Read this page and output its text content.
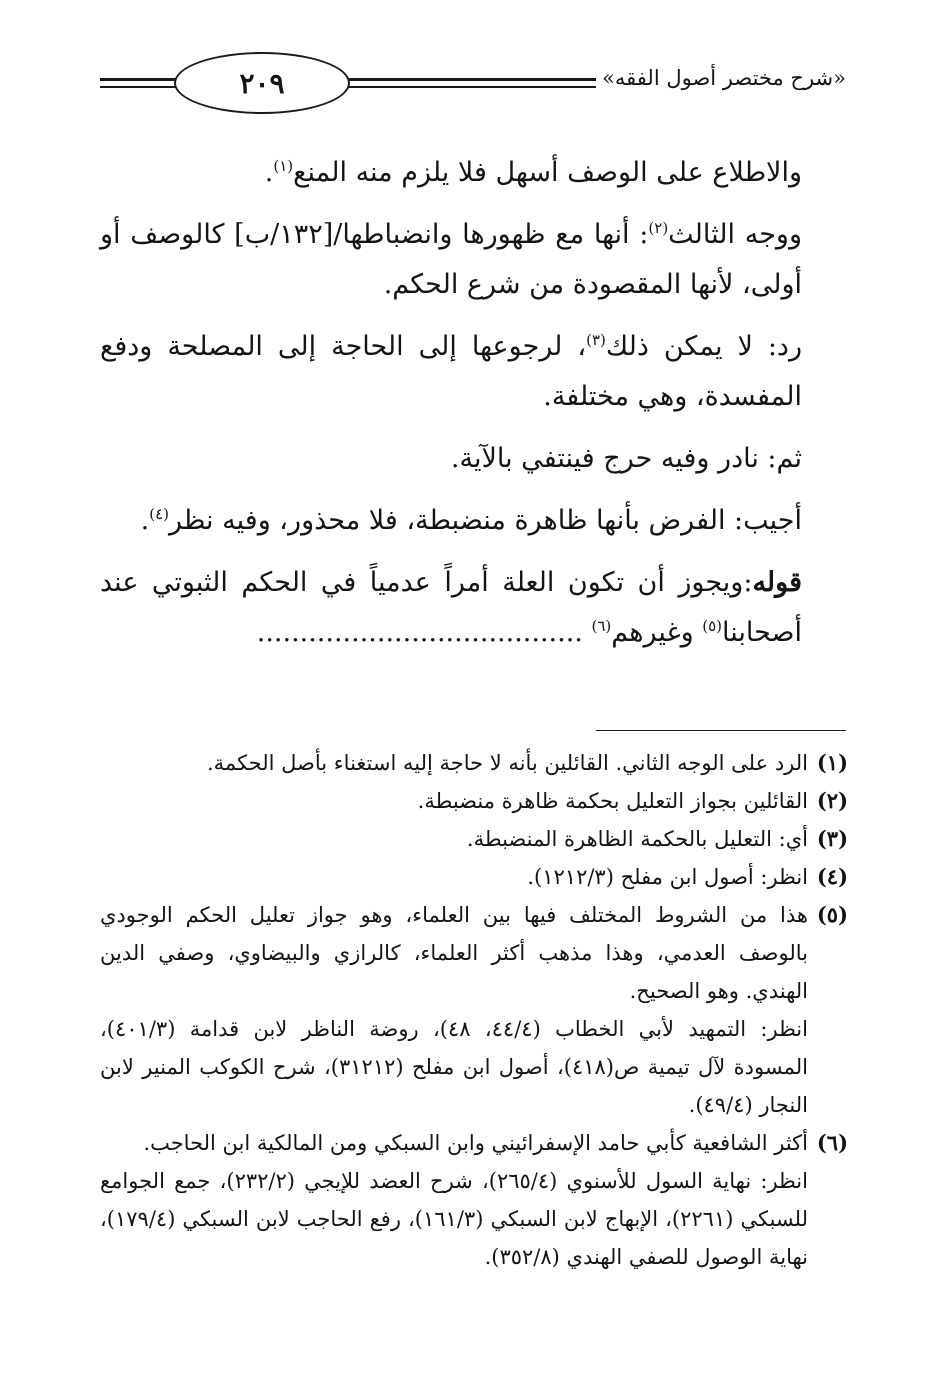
٢٠٩	«شرح مختصر أصول الفقه»

والاطلاع على الوصف أسهل فلا يلزم منه المنع$^{(١)}$.

ووجه الثالث$^{(٢)}$: أنها مع ظهورها وانضباطها/[١٣٢/ب] كالوصف أو أولى، لأنها المقصودة من شرع الحكم.

رد: لا يمكن ذلك$^{(٣)}$، لرجوعها إلى الحاجة إلى المصلحة ودفع المفسدة، وهي مختلفة.

ثم: نادر وفيه حرج فينتفي بالآية.

أجيب: الفرض بأنها ظاهرة منضبطة، فلا محذور، وفيه نظر$^{(٤)}$.

قوله:ويجوز أن تكون العلة أمراً عدمياً في الحكم الثبوتي عند أصحابنا$^{(٥)}$ وغيرهم$^{(٦)}$ ......................................

(١)
الرد على الوجه الثاني. القائلين بأنه لا حاجة إليه استغناء بأصل الحكمة.
(٢)
القائلين بجواز التعليل بحكمة ظاهرة منضبطة.
(٣)
أي: التعليل بالحكمة الظاهرة المنضبطة.
(٤)
انظر: أصول ابن مفلح (١٢١٢/٣).
(٥)
هذا من الشروط المختلف فيها بين العلماء، وهو جواز تعليل الحكم الوجودي بالوصف العدمي، وهذا مذهب أكثر العلماء، كالرازي والبيضاوي، وصفي الدين الهندي. وهو الصحيح.
انظر: التمهيد لأبي الخطاب (٤٤/٤، ٤٨)، روضة الناظر لابن قدامة (٤٠١/٣)، المسودة لآل تيمية ص(٤١٨)، أصول ابن مفلح (٣١٢١٢)، شرح الكوكب المنير لابن النجار (٤٩/٤).
(٦)
أكثر الشافعية كأبي حامد الإسفرائيني وابن السبكي ومن المالكية ابن الحاجب.
انظر: نهاية السول للأسنوي (٢٦٥/٤)، شرح العضد للإيجي (٢٣٢/٢)، جمع الجوامع للسبكي (٢٢٦١)، الإبهاج لابن السبكي (١٦١/٣)، رفع الحاجب لابن السبكي (١٧٩/٤)، نهاية الوصول للصفي الهندي (٣٥٢/٨).
